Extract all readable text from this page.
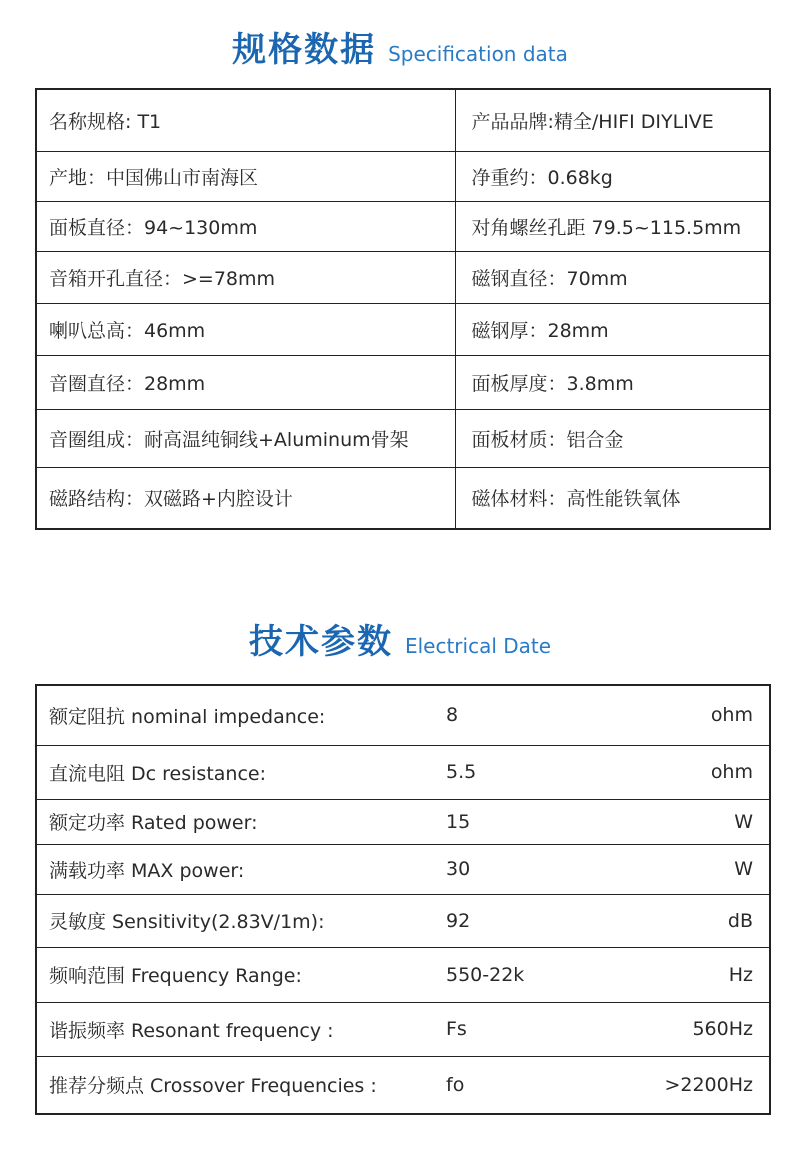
规格数据 Specification data
名称规格: T1	产品品牌:精全/HIFI DIYLIVE
产地：中国佛山市南海区	净重约：0.68kg
面板直径：94~130mm	对角螺丝孔距 79.5~115.5mm
音箱开孔直径：>=78mm	磁钢直径：70mm
喇叭总高：46mm	磁钢厚：28mm
音圈直径：28mm	面板厚度：3.8mm
音圈组成：耐高温纯铜线+Aluminum骨架	面板材质：铝合金
磁路结构：双磁路+内腔设计	磁体材料：高性能铁氧体
技术参数 Electrical Date
额定阻抗 nominal impedance:	8	ohm
直流电阻 Dc resistance:	5.5	ohm
额定功率 Rated power:	15	W
满载功率 MAX power:	30	W
灵敏度 Sensitivity(2.83V/1m):	92	dB
频响范围 Frequency Range:	550-22k	Hz
谐振频率 Resonant frequency :	Fs	560Hz
推荐分频点 Crossover Frequencies :	fo	>2200Hz
